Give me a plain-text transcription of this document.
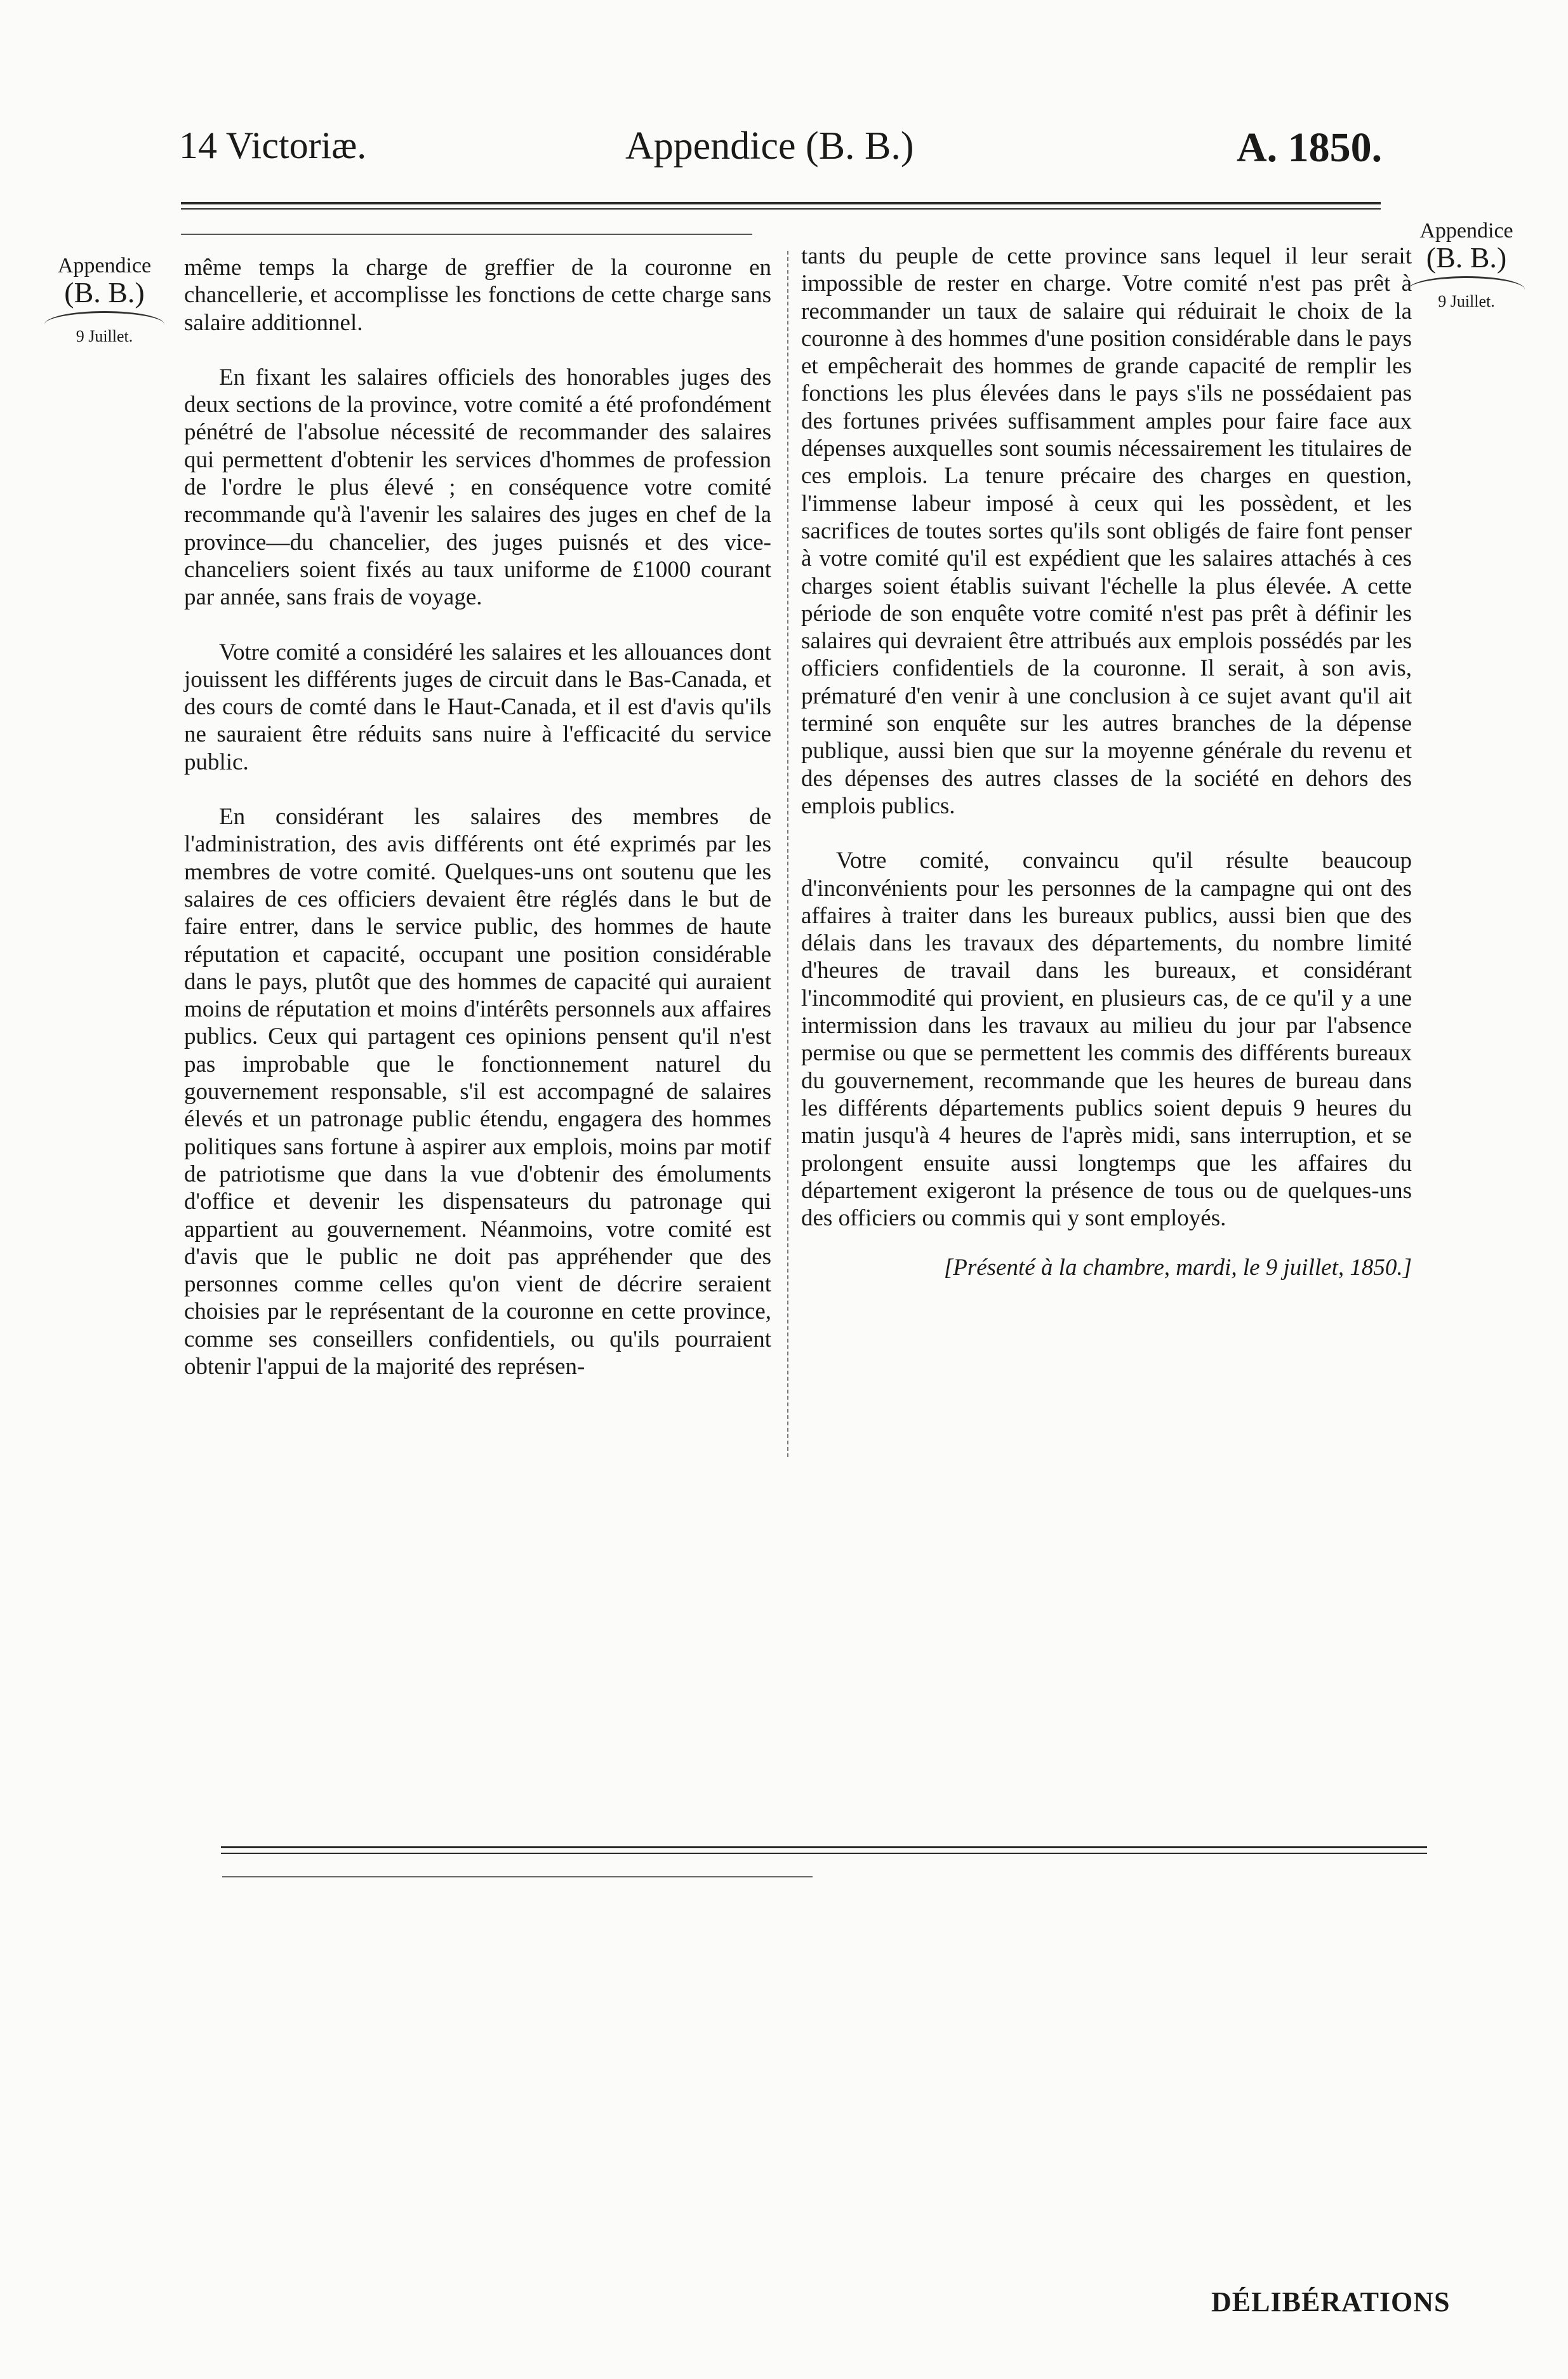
14 Victoriæ.	Appendice (B. B.)	A. 1850.
Appendice
(B. B.)
9 Juillet.
Appendice
(B. B.)
9 Juillet.

même temps la charge de greffier de la couronne en chancellerie, et accomplisse les fonctions de cette charge sans salaire additionnel.

En fixant les salaires officiels des honorables juges des deux sections de la province, votre comité a été profondément pénétré de l'absolue nécessité de recommander des salaires qui permettent d'obtenir les services d'hommes de profession de l'ordre le plus élevé ; en conséquence votre comité recommande qu'à l'avenir les salaires des juges en chef de la province—du chancelier, des juges puisnés et des vice-chanceliers soient fixés au taux uniforme de £1000 courant par année, sans frais de voyage.

Votre comité a considéré les salaires et les allouances dont jouissent les différents juges de circuit dans le Bas-Canada, et des cours de comté dans le Haut-Canada, et il est d'avis qu'ils ne sauraient être réduits sans nuire à l'efficacité du service public.

En considérant les salaires des membres de l'administration, des avis différents ont été exprimés par les membres de votre comité. Quelques-uns ont soutenu que les salaires de ces officiers devaient être réglés dans le but de faire entrer, dans le service public, des hommes de haute réputation et capacité, occupant une position considérable dans le pays, plutôt que des hommes de capacité qui auraient moins de réputation et moins d'intérêts personnels aux affaires publics. Ceux qui partagent ces opinions pensent qu'il n'est pas improbable que le fonctionnement naturel du gouvernement responsable, s'il est accompagné de salaires élevés et un patronage public étendu, engagera des hommes politiques sans fortune à aspirer aux emplois, moins par motif de patriotisme que dans la vue d'obtenir des émoluments d'office et devenir les dispensateurs du patronage qui appartient au gouvernement. Néanmoins, votre comité est d'avis que le public ne doit pas appréhender que des personnes comme celles qu'on vient de décrire seraient choisies par le représentant de la couronne en cette province, comme ses conseillers confidentiels, ou qu'ils pourraient obtenir l'appui de la majorité des représen-

tants du peuple de cette province sans lequel il leur serait impossible de rester en charge. Votre comité n'est pas prêt à recommander un taux de salaire qui réduirait le choix de la couronne à des hommes d'une position considérable dans le pays et empêcherait des hommes de grande capacité de remplir les fonctions les plus élevées dans le pays s'ils ne possédaient pas des fortunes privées suffisamment amples pour faire face aux dépenses auxquelles sont soumis nécessairement les titulaires de ces emplois. La tenure précaire des charges en question, l'immense labeur imposé à ceux qui les possèdent, et les sacrifices de toutes sortes qu'ils sont obligés de faire font penser à votre comité qu'il est expédient que les salaires attachés à ces charges soient établis suivant l'échelle la plus élevée. A cette période de son enquête votre comité n'est pas prêt à définir les salaires qui devraient être attribués aux emplois possédés par les officiers confidentiels de la couronne. Il serait, à son avis, prématuré d'en venir à une conclusion à ce sujet avant qu'il ait terminé son enquête sur les autres branches de la dépense publique, aussi bien que sur la moyenne générale du revenu et des dépenses des autres classes de la société en dehors des emplois publics.

Votre comité, convaincu qu'il résulte beaucoup d'inconvénients pour les personnes de la campagne qui ont des affaires à traiter dans les bureaux publics, aussi bien que des délais dans les travaux des départements, du nombre limité d'heures de travail dans les bureaux, et considérant l'incommodité qui provient, en plusieurs cas, de ce qu'il y a une intermission dans les travaux au milieu du jour par l'absence permise ou que se permettent les commis des différents bureaux du gouvernement, recommande que les heures de bureau dans les différents départements publics soient depuis 9 heures du matin jusqu'à 4 heures de l'après midi, sans interruption, et se prolongent ensuite aussi longtemps que les affaires du département exigeront la présence de tous ou de quelques-uns des officiers ou commis qui y sont employés.

[Présenté à la chambre, mardi, le 9 juillet, 1850.]

DÉLIBÉRATIONS
